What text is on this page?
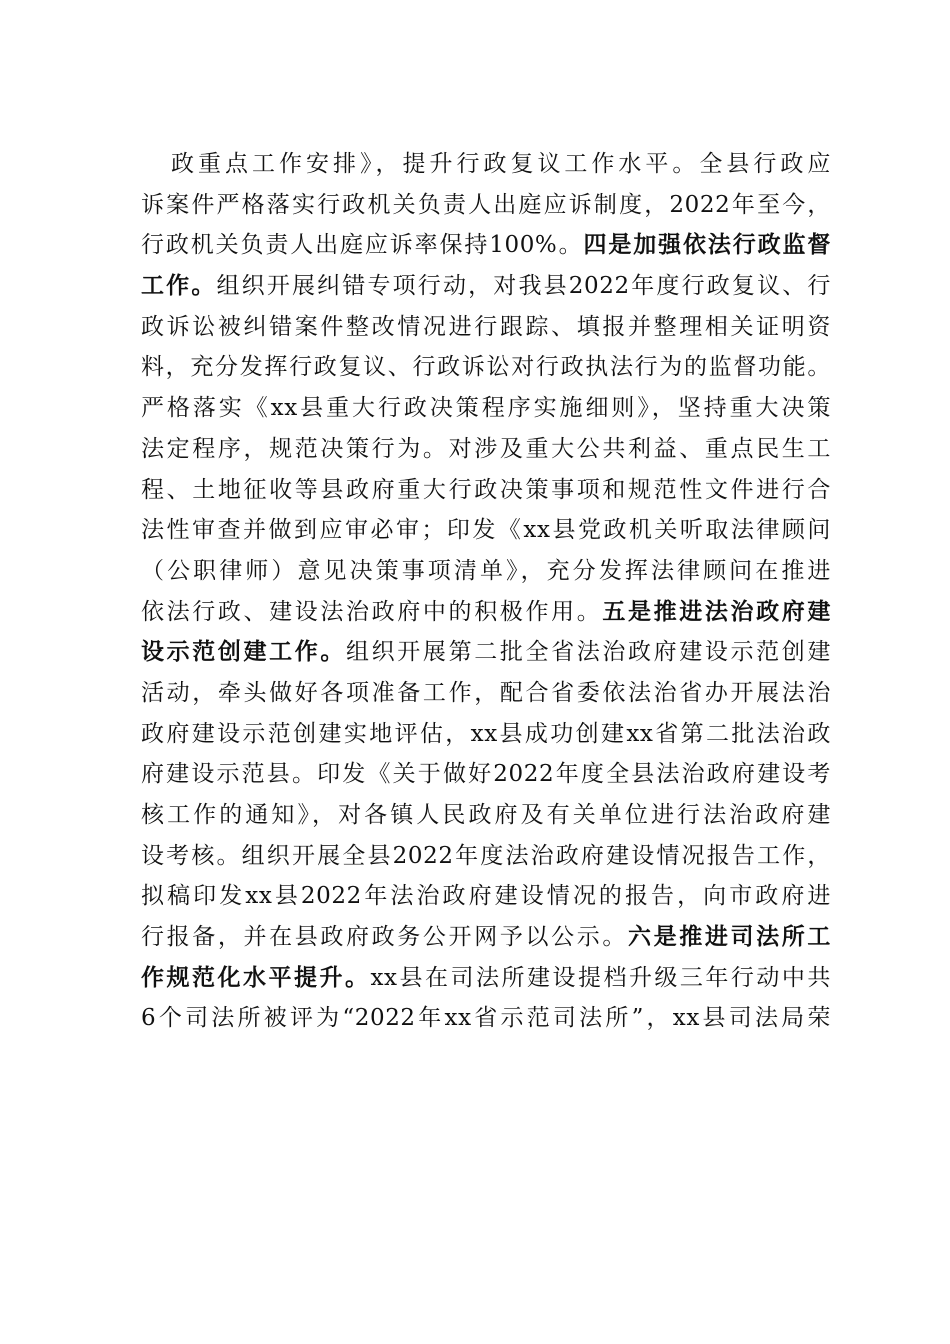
政重点工作安排》，提升行政复议工作水平。全县行政应
诉案件严格落实行政机关负责人出庭应诉制度，2022年至今，
行政机关负责人出庭应诉率保持100%。四是加强依法行政监督
工作。组织开展纠错专项行动，对我县2022年度行政复议、行
政诉讼被纠错案件整改情况进行跟踪、填报并整理相关证明资
料，充分发挥行政复议、行政诉讼对行政执法行为的监督功能。
严格落实《xx县重大行政决策程序实施细则》，坚持重大决策
法定程序，规范决策行为。对涉及重大公共利益、重点民生工
程、土地征收等县政府重大行政决策事项和规范性文件进行合
法性审查并做到应审必审；印发《xx县党政机关听取法律顾问
（公职律师）意见决策事项清单》，充分发挥法律顾问在推进
依法行政、建设法治政府中的积极作用。五是推进法治政府建
设示范创建工作。组织开展第二批全省法治政府建设示范创建
活动，牵头做好各项准备工作，配合省委依法治省办开展法治
政府建设示范创建实地评估，xx县成功创建xx省第二批法治政
府建设示范县。印发《关于做好2022年度全县法治政府建设考
核工作的通知》，对各镇人民政府及有关单位进行法治政府建
设考核。组织开展全县2022年度法治政府建设情况报告工作，
拟稿印发xx县2022年法治政府建设情况的报告，向市政府进
行报备，并在县政府政务公开网予以公示。六是推进司法所工
作规范化水平提升。xx县在司法所建设提档升级三年行动中共
6个司法所被评为“2022年xx省示范司法所”，xx县司法局荣
